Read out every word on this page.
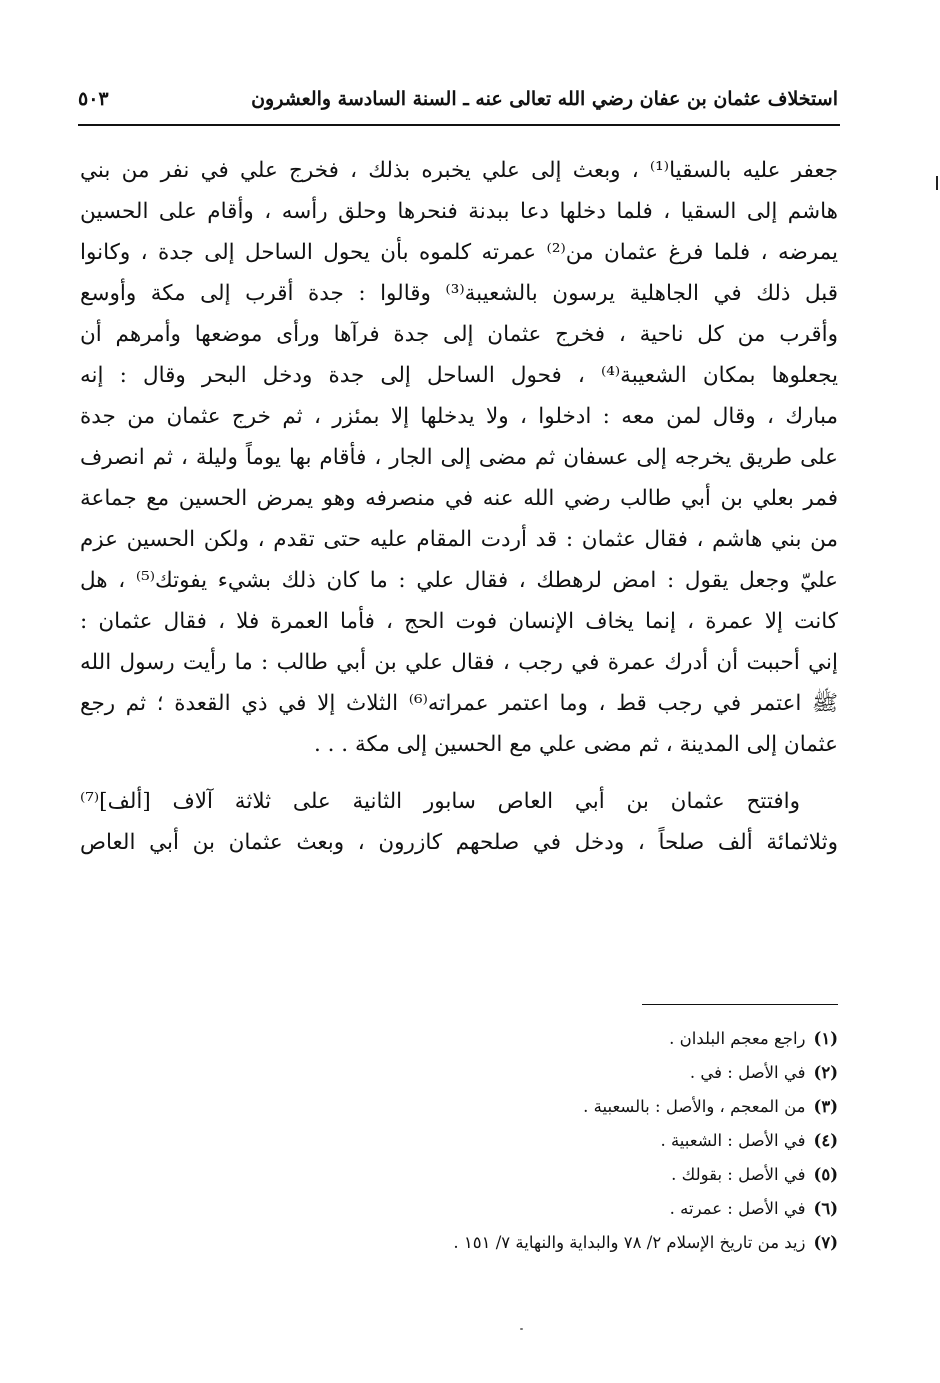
استخلاف عثمان بن عفان رضي الله تعالى عنه ـ السنة السادسة والعشرون
٥٠٣
جعفر عليه بالسقيا⁽¹⁾ ، وبعث إلى علي يخبره بذلك ، فخرج علي في نفر من بني
هاشم إلى السقيا ، فلما دخلها دعا ببدنة فنحرها وحلق رأسه ، وأقام على الحسين
يمرضه ، فلما فرغ عثمان من⁽²⁾ عمرته كلموه بأن يحول الساحل إلى جدة ، وكانوا
قبل ذلك في الجاهلية يرسون بالشعيبة⁽³⁾ وقالوا : جدة أقرب إلى مكة وأوسع
وأقرب من كل ناحية ، فخرج عثمان إلى جدة فرآها ورأى موضعها وأمرهم أن
يجعلوها بمكان الشعيبة⁽⁴⁾ ، فحول الساحل إلى جدة ودخل البحر وقال : إنه
مبارك ، وقال لمن معه : ادخلوا ، ولا يدخلها إلا بمئزر ، ثم خرج عثمان من جدة
على طريق يخرجه إلى عسفان ثم مضى إلى الجار ، فأقام بها يوماً وليلة ، ثم انصرف
فمر بعلي بن أبي طالب رضي الله عنه في منصرفه وهو يمرض الحسين مع جماعة
من بني هاشم ، فقال عثمان : قد أردت المقام عليه حتى تقدم ، ولكن الحسين عزم
عليّ وجعل يقول : امض لرهطك ، فقال علي : ما كان ذلك بشيء يفوتك⁽⁵⁾ ، هل
كانت إلا عمرة ، إنما يخاف الإنسان فوت الحج ، فأما العمرة فلا ، فقال عثمان :
إني أحببت أن أدرك عمرة في رجب ، فقال علي بن أبي طالب : ما رأيت رسول الله
ﷺ اعتمر في رجب قط ، وما اعتمر عمراته⁽⁶⁾ الثلاث إلا في ذي القعدة ؛ ثم رجع
عثمان إلى المدينة ، ثم مضى علي مع الحسين إلى مكة . . .
وافتتح عثمان بن أبي العاص سابور الثانية على ثلاثة آلاف [ألف]⁽⁷⁾
وثلاثمائة ألف صلحاً ، ودخل في صلحهم كازرون ، وبعث عثمان بن أبي العاص
(١)راجع معجم البلدان .
(٢)في الأصل : في .
(٣)من المعجم ، والأصل : بالسعبية .
(٤)في الأصل : الشعبية .
(٥)في الأصل : بقولك .
(٦)في الأصل : عمرته .
(٧)زيد من تاريخ الإسلام ٢/ ٧٨ والبداية والنهاية ٧/ ١٥١ .
